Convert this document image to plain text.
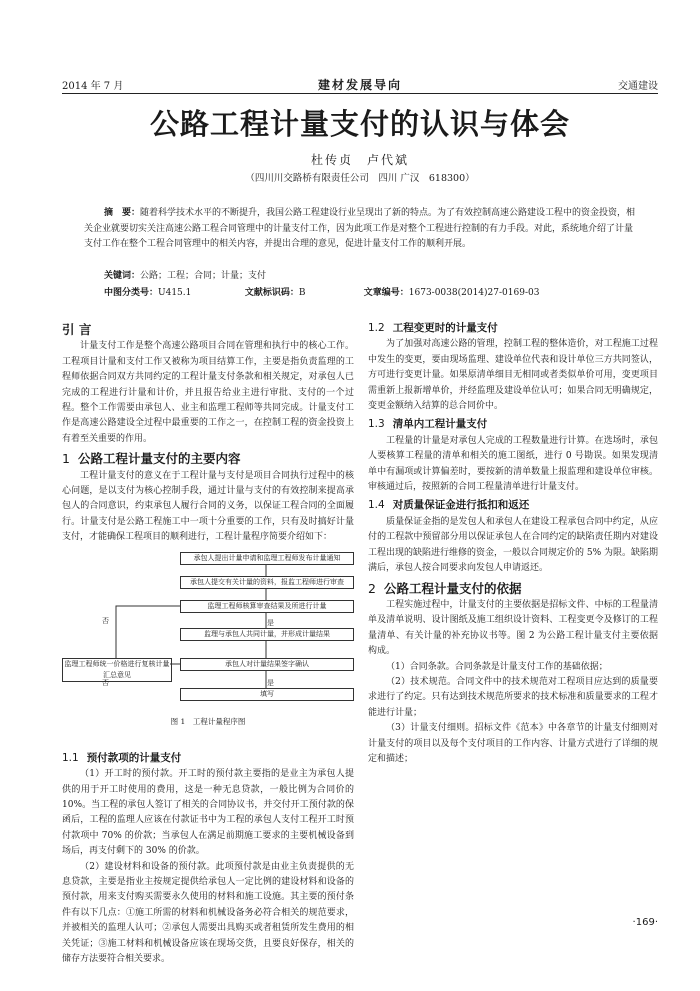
2014 年 7 月	建材发展导向	交通建设
公路工程计量支付的认识与体会
杜传贞　卢代斌
（四川川交路桥有限责任公司　四川 广汉　618300）
摘　要：随着科学技术水平的不断提升，我国公路工程建设行业呈现出了新的特点。为了有效控制高速公路建设工程中的资金投资，相关企业就要切实关注高速公路工程合同管理中的计量支付工作，因为此项工作是对整个工程进行控制的有力手段。对此，系统地介绍了计量支付工作在整个工程合同管理中的相关内容，并提出合理的意见，促进计量支付工作的顺利开展。
关键词：公路；工程；合同；计量；支付
中图分类号：U415.1	文献标识码：B	文章编号：1673-0038(2014)27-0169-03
引 言

计量支付工作是整个高速公路项目合同在管理和执行中的核心工作。工程项目计量和支付工作又被称为项目结算工作，主要是指负责监理的工程师依据合同双方共同约定的工程计量支付条款和相关规定，对承包人已完成的工程进行计量和计价，并且报告给业主进行审批、支付的一个过程。整个工作需要由承包人、业主和监理工程师等共同完成。计量支付工作是高速公路建设全过程中最重要的工作之一，在控制工程的资金投资上有着至关重要的作用。

1 公路工程计量支付的主要内容

工程计量支付的意义在于工程计量与支付是项目合同执行过程中的核心问题，是以支付为核心控制手段，通过计量与支付的有效控制来提高承包人的合同意识，约束承包人履行合同的义务，以保证工程合同的全面履行。计量支付是公路工程施工中一项十分重要的工作，只有及时搞好计量支付，才能确保工程项目的顺利进行，工程计量程序简要介绍如下：

承包人提出计量申请和监理工程师发布计量通知
承包人提交有关计量的资料，报监工程师进行审查
监理工程师核算审查结果及所进行计量
监理与承包人共同计量，并形成计量结果
监理工程师统一价格进行复核计量汇总意见
承包人对计量结果签字确认
填写
否	是
否	是
图 1　工程计量程序图
1.1 预付款项的计量支付

（1）开工时的预付款。开工时的预付款主要指的是业主为承包人提供的用于开工时使用的费用，这是一种无息贷款，一般比例为合同价的 10%。当工程的承包人签订了相关的合同协议书，并交付开工预付款的保函后，工程的监理人应该在付款证书中为工程的承包人支付工程开工时预付款项中 70% 的价款；当承包人在满足前期施工要求的主要机械设备到场后，再支付剩下的 30% 的价款。

（2）建设材料和设备的预付款。此项预付款是由业主负责提供的无息贷款，主要是指业主按规定提供给承包人一定比例的建设材料和设备的预付款，用来支付购买需要永久使用的材料和施工设施。其主要的预付条件有以下几点：①施工所需的材料和机械设备务必符合相关的规范要求，并被相关的监理人认可；②承包人需要出具购买或者租赁所发生费用的相关凭证；③施工材料和机械设备应该在现场交货，且要良好保存，相关的储存方法要符合相关要求。

1.2 工程变更时的计量支付

为了加强对高速公路的管理，控制工程的整体造价，对工程施工过程中发生的变更，要由现场监理、建设单位代表和设计单位三方共同签认，方可进行变更计量。如果原清单细目无相同或者类似单价可用，变更项目需重新上报新增单价，并经监理及建设单位认可；如果合同无明确规定，变更金额纳入结算的总合同价中。

1.3 清单内工程计量支付

工程量的计量是对承包人完成的工程数量进行计算。在选场时，承包人要核算工程量的清单和相关的施工图纸，进行 0 号勘误。如果发现清单中有漏项或计算偏差时，要按新的清单数量上报监理和建设单位审核。审核通过后，按照新的合同工程量清单进行计量支付。

1.4 对质量保证金进行抵扣和返还

质量保证金指的是发包人和承包人在建设工程承包合同中约定，从应付的工程款中预留部分用以保证承包人在合同约定的缺陷责任期内对建设工程出现的缺陷进行维修的资金，一般以合同规定价的 5% 为限。缺陷期满后，承包人按合同要求向发包人申请返还。

2 公路工程计量支付的依据

工程实施过程中，计量支付的主要依据是招标文件、中标的工程量清单及清单说明、设计图纸及施工组织设计资料、工程变更令及修订的工程量清单、有关计量的补充协议书等。图 2 为公路工程计量支付主要依据构成。

（1）合同条款。合同条款是计量支付工作的基础依据；

（2）技术规范。合同文件中的技术规范对工程项目应达到的质量要求进行了约定。只有达到技术规范所要求的技术标准和质量要求的工程才能进行计量；

（3）计量支付细则。招标文件《范本》中各章节的计量支付细则对计量支付的项目以及每个支付项目的工作内容、计量方式进行了详细的规定和描述；

·169·
